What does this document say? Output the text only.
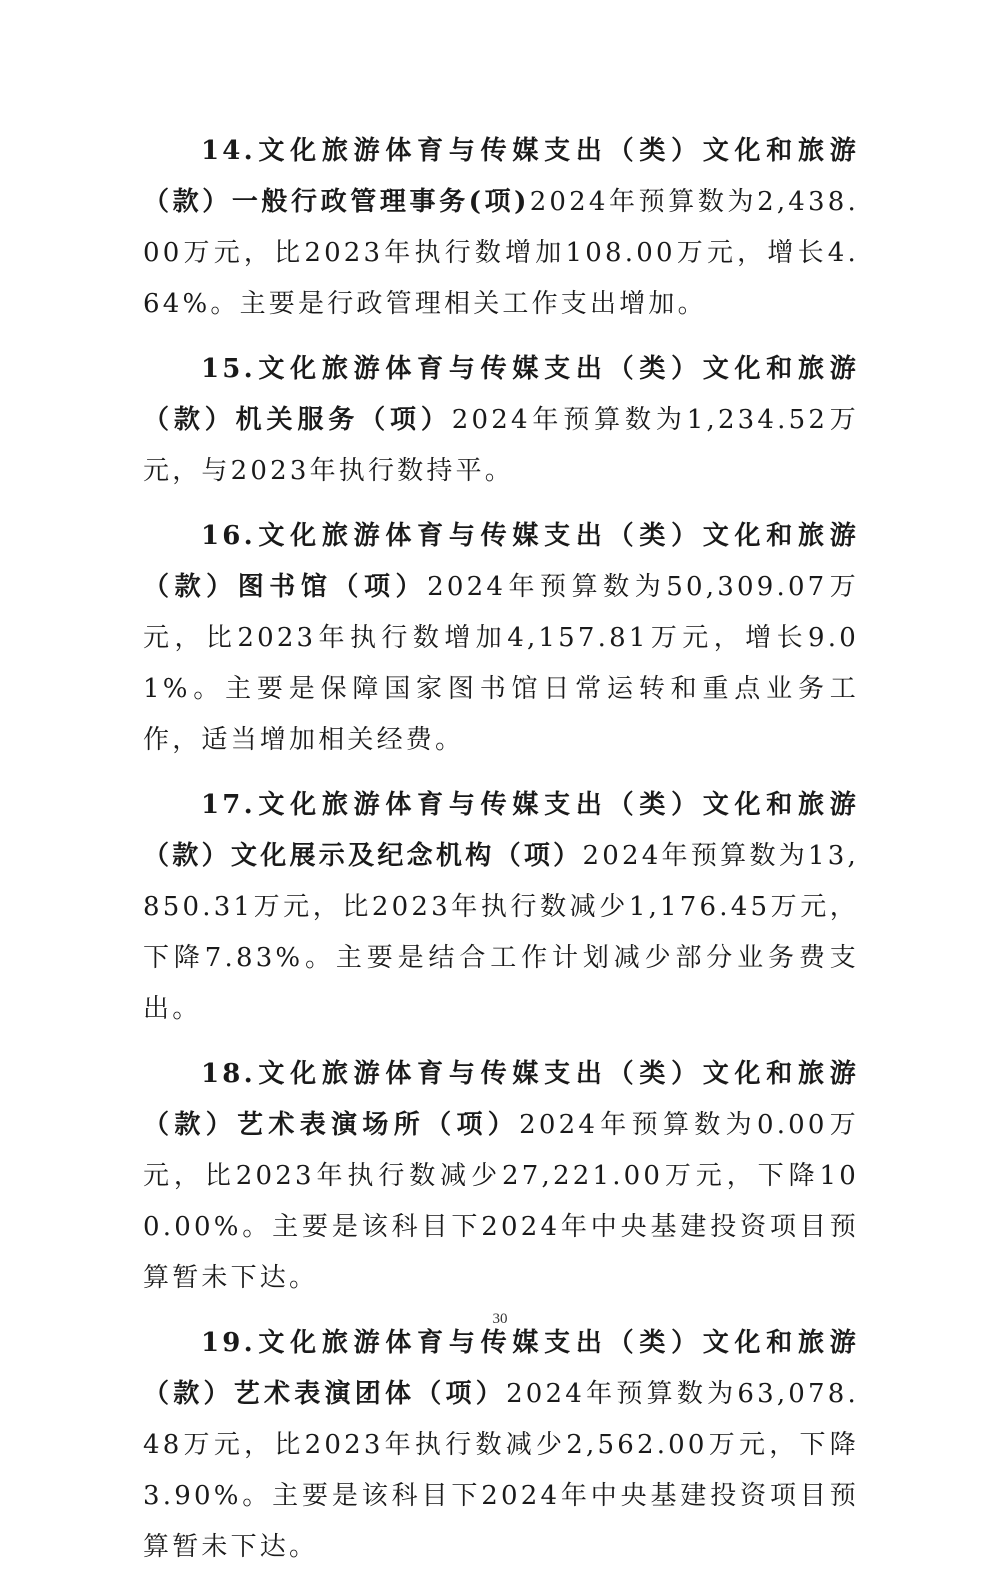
14.文化旅游体育与传媒支出（类）文化和旅游（款）一般行政管理事务(项)2024年预算数为2,438.00万元，比2023年执行数增加108.00万元，增长4.64%。主要是行政管理相关工作支出增加。

15.文化旅游体育与传媒支出（类）文化和旅游（款）机关服务（项）2024年预算数为1,234.52万元，与2023年执行数持平。

16.文化旅游体育与传媒支出（类）文化和旅游（款）图书馆（项）2024年预算数为50,309.07万元，比2023年执行数增加4,157.81万元，增长9.01%。主要是保障国家图书馆日常运转和重点业务工作，适当增加相关经费。

17.文化旅游体育与传媒支出（类）文化和旅游（款）文化展示及纪念机构（项）2024年预算数为13,850.31万元，比2023年执行数减少1,176.45万元，下降7.83%。主要是结合工作计划减少部分业务费支出。

18.文化旅游体育与传媒支出（类）文化和旅游（款）艺术表演场所（项）2024年预算数为0.00万元，比2023年执行数减少27,221.00万元，下降100.00%。主要是该科目下2024年中央基建投资项目预算暂未下达。

19.文化旅游体育与传媒支出（类）文化和旅游（款）艺术表演团体（项）2024年预算数为63,078.48万元，比2023年执行数减少2,562.00万元，下降3.90%。主要是该科目下2024年中央基建投资项目预算暂未下达。

30
